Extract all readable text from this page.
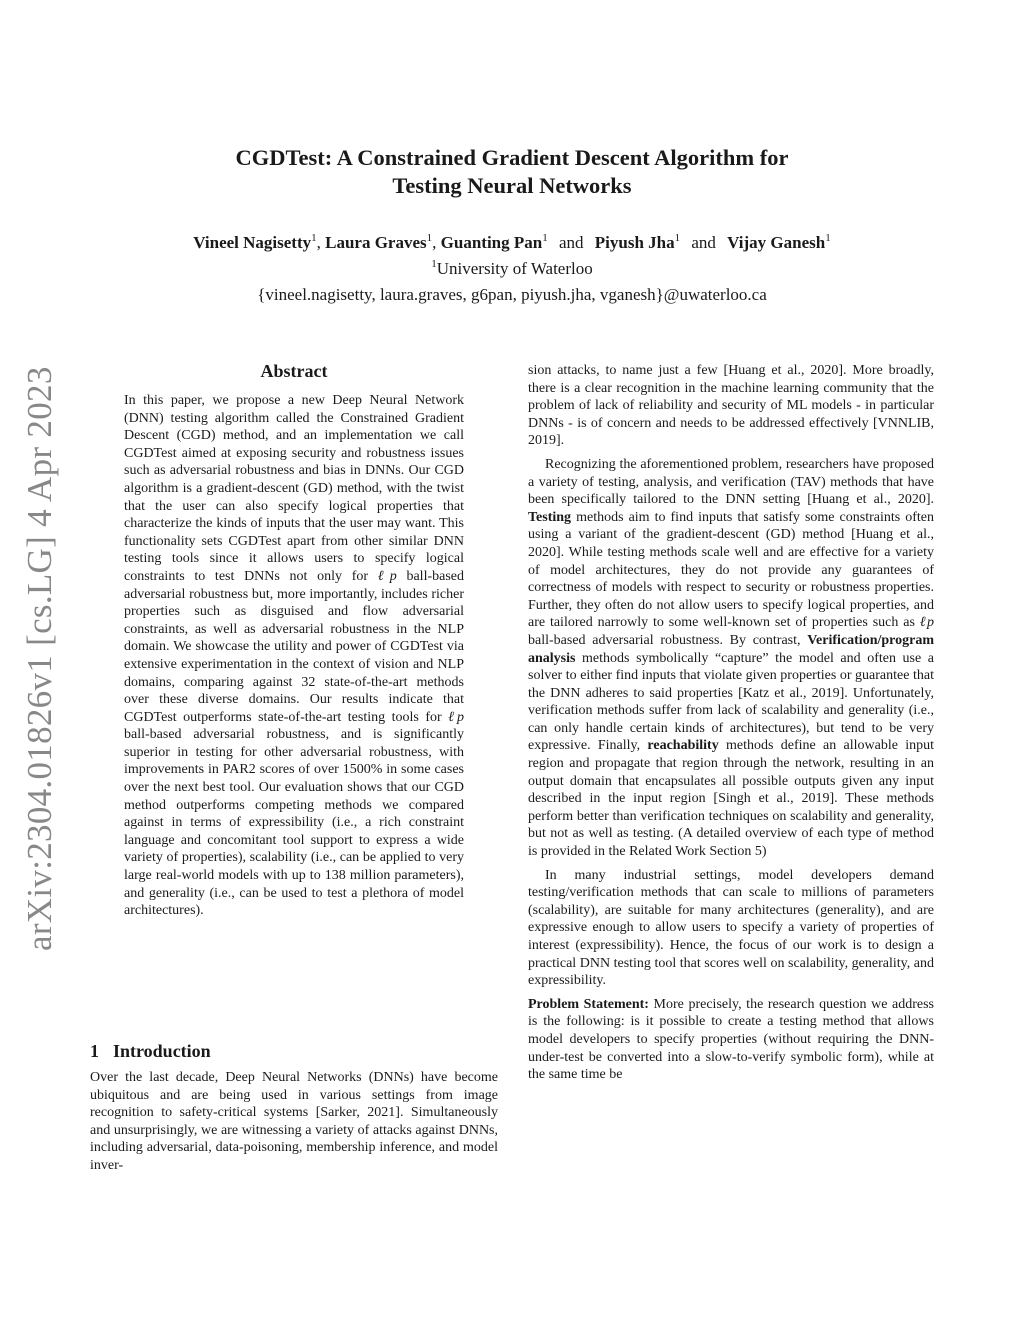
arXiv:2304.01826v1 [cs.LG] 4 Apr 2023
CGDTest: A Constrained Gradient Descent Algorithm for
Testing Neural Networks
Vineel Nagisetty$^1$, Laura Graves$^1$, Guanting Pan$^1$ and Piyush Jha$^1$ and Vijay Ganesh$^1$
$^1$University of Waterloo
{vineel.nagisetty, laura.graves, g6pan, piyush.jha, vganesh}@uwaterloo.ca
Abstract
In this paper, we propose a new Deep Neural Network (DNN) testing algorithm called the Constrained Gradient Descent (CGD) method, and an implementation we call CGDTest aimed at exposing security and robustness issues such as adversarial robustness and bias in DNNs. Our CGD algorithm is a gradient-descent (GD) method, with the twist that the user can also specify logical properties that characterize the kinds of inputs that the user may want. This functionality sets CGDTest apart from other similar DNN testing tools since it allows users to specify logical constraints to test DNNs not only for ℓp ball-based adversarial robustness but, more importantly, includes richer properties such as disguised and flow adversarial constraints, as well as adversarial robustness in the NLP domain. We showcase the utility and power of CGDTest via extensive experimentation in the context of vision and NLP domains, comparing against 32 state-of-the-art methods over these diverse domains. Our results indicate that CGDTest outperforms state-of-the-art testing tools for ℓp ball-based adversarial robustness, and is significantly superior in testing for other adversarial robustness, with improvements in PAR2 scores of over 1500% in some cases over the next best tool. Our evaluation shows that our CGD method outperforms competing methods we compared against in terms of expressibility (i.e., a rich constraint language and concomitant tool support to express a wide variety of properties), scalability (i.e., can be applied to very large real-world models with up to 138 million parameters), and generality (i.e., can be used to test a plethora of model architectures).
1 Introduction
Over the last decade, Deep Neural Networks (DNNs) have become ubiquitous and are being used in various settings from image recognition to safety-critical systems [Sarker, 2021]. Simultaneously and unsurprisingly, we are witnessing a variety of attacks against DNNs, including adversarial, data-poisoning, membership inference, and model inver-

sion attacks, to name just a few [Huang et al., 2020]. More broadly, there is a clear recognition in the machine learning community that the problem of lack of reliability and security of ML models - in particular DNNs - is of concern and needs to be addressed effectively [VNNLIB, 2019].

Recognizing the aforementioned problem, researchers have proposed a variety of testing, analysis, and verification (TAV) methods that have been specifically tailored to the DNN setting [Huang et al., 2020]. Testing methods aim to find inputs that satisfy some constraints often using a variant of the gradient-descent (GD) method [Huang et al., 2020]. While testing methods scale well and are effective for a variety of model architectures, they do not provide any guarantees of correctness of models with respect to security or robustness properties. Further, they often do not allow users to specify logical properties, and are tailored narrowly to some well-known set of properties such as ℓp ball-based adversarial robustness. By contrast, Verification/program analysis methods symbolically “capture” the model and often use a solver to either find inputs that violate given properties or guarantee that the DNN adheres to said properties [Katz et al., 2019]. Unfortunately, verification methods suffer from lack of scalability and generality (i.e., can only handle certain kinds of architectures), but tend to be very expressive. Finally, reachability methods define an allowable input region and propagate that region through the network, resulting in an output domain that encapsulates all possible outputs given any input described in the input region [Singh et al., 2019]. These methods perform better than verification techniques on scalability and generality, but not as well as testing. (A detailed overview of each type of method is provided in the Related Work Section 5)

In many industrial settings, model developers demand testing/verification methods that can scale to millions of parameters (scalability), are suitable for many architectures (generality), and are expressive enough to allow users to specify a variety of properties of interest (expressibility). Hence, the focus of our work is to design a practical DNN testing tool that scores well on scalability, generality, and expressibility.

Problem Statement: More precisely, the research question we address is the following: is it possible to create a testing method that allows model developers to specify properties (without requiring the DNN-under-test be converted into a slow-to-verify symbolic form), while at the same time be
